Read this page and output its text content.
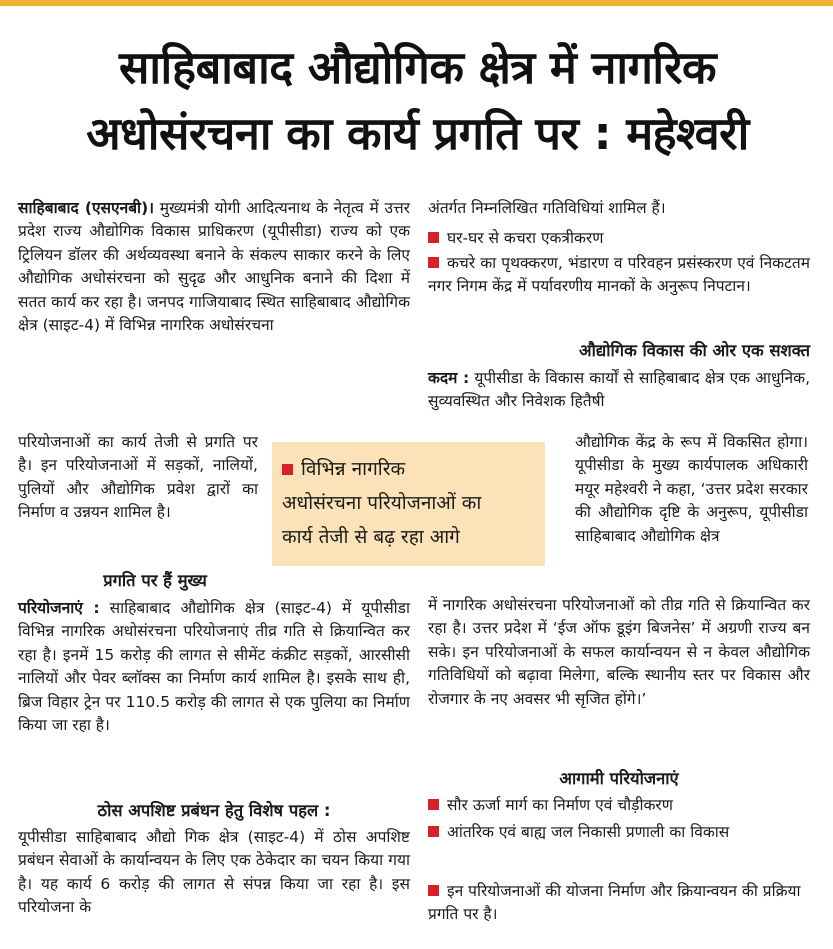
साहिबाबाद औद्योगिक क्षेत्र में नागरिक
अधोसंरचना का कार्य प्रगति पर : महेश्वरी

साहिबाबाद (एसएनबी)। मुख्यमंत्री योगी आदित्यनाथ के नेतृत्व में उत्तर प्रदेश राज्य औद्योगिक विकास प्राधिकरण (यूपीसीडा) राज्य को एक ट्रिलियन डॉलर की अर्थव्यवस्था बनाने के संकल्प साकार करने के लिए औद्योगिक अधोसंरचना को सुदृढ और आधुनिक बनाने की दिशा में सतत कार्य कर रहा है। जनपद गाजियाबाद स्थित साहिबाबाद औद्योगिक क्षेत्र (साइट-4) में विभिन्न नागरिक अधोसंरचना

परियोजनाओं का कार्य तेजी से प्रगति पर है। इन परियोजनाओं में सड़कों, नालियों, पुलियों और औद्योगिक प्रवेश द्वारों का निर्माण व उन्नयन शामिल है।

प्रगति पर हैं मुख्य

परियोजनाएं : साहिबाबाद औद्योगिक क्षेत्र (साइट-4) में यूपीसीडा विभिन्न नागरिक अधोसंरचना परियोजनाएं तीव्र गति से क्रियान्वित कर रहा है। इनमें 15 करोड़ की लागत से सीमेंट कंक्रीट सड़कों, आरसीसी नालियों और पेवर ब्लॉक्स का निर्माण कार्य शामिल है। इसके साथ ही, ब्रिज विहार ट्रेन पर 110.5 करोड़ की लागत से एक पुलिया का निर्माण किया जा रहा है।

ठोस अपशिष्ट प्रबंधन हेतु विशेष पहल :

यूपीसीडा साहिबाबाद औद्यो गिक क्षेत्र (साइट-4) में ठोस अपशिष्ट प्रबंधन सेवाओं के कार्यान्वयन के लिए एक ठेकेदार का चयन किया गया है। यह कार्य 6 करोड़ की लागत से संपन्न किया जा रहा है। इस परियोजना के

विभिन्न नागरिक
अधोसंरचना परियोजनाओं का
कार्य तेजी से बढ़ रहा आगे

अंतर्गत निम्नलिखित गतिविधियां शामिल हैं।

घर-घर से कचरा एकत्रीकरण
कचरे का पृथक्करण, भंडारण व परिवहन प्रसंस्करण एवं निकटतम नगर निगम केंद्र में पर्यावरणीय मानकों के अनुरूप निपटान।
औद्योगिक विकास की ओर एक सशक्त

कदम : यूपीसीडा के विकास कार्यों से साहिबाबाद क्षेत्र एक आधुनिक, सुव्यवस्थित और निवेशक हितैषी

औद्योगिक केंद्र के रूप में विकसित होगा। यूपीसीडा के मुख्य कार्यपालक अधिकारी मयूर महेश्वरी ने कहा, ‘उत्तर प्रदेश सरकार की औद्योगिक दृष्टि के अनुरूप, यूपीसीडा साहिबाबाद औद्योगिक क्षेत्र

में नागरिक अधोसंरचना परियोजनाओं को तीव्र गति से क्रियान्वित कर रहा है। उत्तर प्रदेश में ‘ईज ऑफ डूइंग बिजनेस’ में अग्रणी राज्य बन सके। इन परियोजनाओं के सफल कार्यान्वयन से न केवल औद्योगिक गतिविधियों को बढ़ावा मिलेगा, बल्कि स्थानीय स्तर पर विकास और रोजगार के नए अवसर भी सृजित होंगे।’

आगामी परियोजनाएं
सौर ऊर्जा मार्ग का निर्माण एवं चौड़ीकरण
आंतरिक एवं बाह्य जल निकासी प्रणाली का विकास
इन परियोजनाओं की योजना निर्माण और क्रियान्वयन की प्रक्रिया प्रगति पर है।
